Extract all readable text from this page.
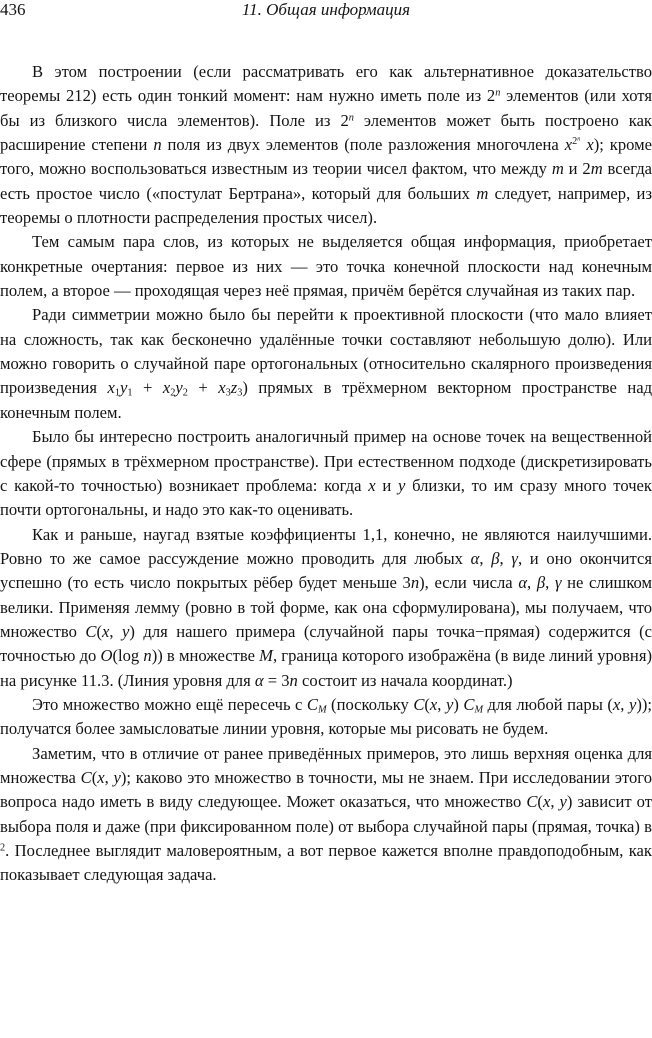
436	11. Общая информация

В этом построении (если рассматривать его как альтернативное доказательство теоремы 212) есть один тонкий момент: нам нужно иметь поле из 2$^n$ элементов (или хотя бы из близкого числа элементов). Поле из 2$^n$ элементов может быть построено как расширение степени n поля из двух элементов (поле разложения многочлена $x^{2^n}$ x); кроме того, можно воспользоваться известным из теории чисел фактом, что между m и 2m всегда есть простое число («постулат Бертрана», который для больших m следует, например, из теоремы о плотности распределения простых чисел).

Тем самым пара слов, из которых не выделяется общая информация, приобретает конкретные очертания: первое из них — это точка конечной плоскости над конечным полем, а второе — проходящая через неё прямая, причём берётся случайная из таких пар.

Ради симметрии можно было бы перейти к проективной плоскости (что мало влияет на сложность, так как бесконечно удалённые точки составляют небольшую долю). Или можно говорить о случайной паре ортогональных (относительно скалярного произведения произведения $x_1y_1 + x_2y_2 + x_3z_3$) прямых в трёхмерном векторном пространстве над конечным полем.

Было бы интересно построить аналогичный пример на основе точек на вещественной сфере (прямых в трёхмерном пространстве). При естественном подходе (дискретизировать с какой-то точностью) возникает проблема: когда x и y близки, то им сразу много точек почти ортогональны, и надо это как-то оценивать.

Как и раньше, наугад взятые коэффициенты 1,1, конечно, не являются наилучшими. Ровно то же самое рассуждение можно проводить для любых α, β, γ, и оно окончится успешно (то есть число покрытых рёбер будет меньше 3n), если числа α, β, γ не слишком велики. Применяя лемму (ровно в той форме, как она сформулирована), мы получаем, что множество C(x, y) для нашего примера (случайной пары точка−прямая) содержится (с точностью до O(log n)) в множестве M, граница которого изображёна (в виде линий уровня) на рисунке 11.3. (Линия уровня для α = 3n состоит из начала координат.)

Это множество можно ещё пересечь с $C_M$ (поскольку C(x, y) $C_M$ для любой пары (x, y)); получатся более замысловатые линии уровня, которые мы рисовать не будем.

Заметим, что в отличие от ранее приведённых примеров, это лишь верхняя оценка для множества C(x, y); каково это множество в точности, мы не знаем. При исследовании этого вопроса надо иметь в виду следующее. Может оказаться, что множество C(x, y) зависит от выбора поля и даже (при фиксированном поле) от выбора случайной пары (прямая, точка) в $^2$. Последнее выглядит маловероятным, а вот первое кажется вполне правдоподобным, как показывает следующая задача.
